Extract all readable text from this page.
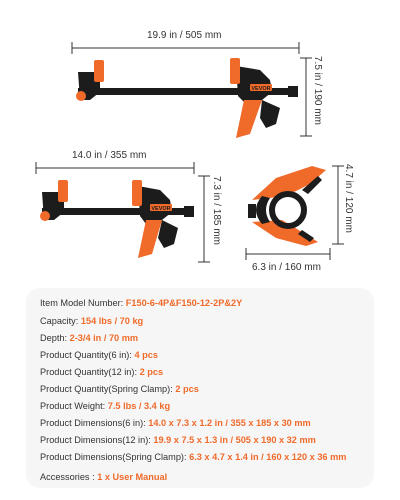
VEVOR
VEVOR
19.9 in / 505 mm
7.5 in / 190 mm
14.0 in / 355 mm
7.3 in / 185 mm	4.7 in / 120 mm
6.3 in / 160 mm
Item Model Number: F150-6-4P&F150-12-2P&2Y
Capacity: 154 lbs / 70 kg
Depth: 2-3/4 in / 70 mm
Product Quantity(6 in): 4 pcs
Product Quantity(12 in): 2 pcs
Product Quantity(Spring Clamp): 2 pcs
Product Weight: 7.5 lbs / 3.4 kg
Product Dimensions(6 in): 14.0 x 7.3 x 1.2 in / 355 x 185 x 30 mm
Product Dimensions(12 in): 19.9 x 7.5 x 1.3 in / 505 x 190 x 32 mm
Product Dimensions(Spring Clamp): 6.3 x 4.7 x 1.4 in / 160 x 120 x 36 mm
Accessories : 1 x User Manual
